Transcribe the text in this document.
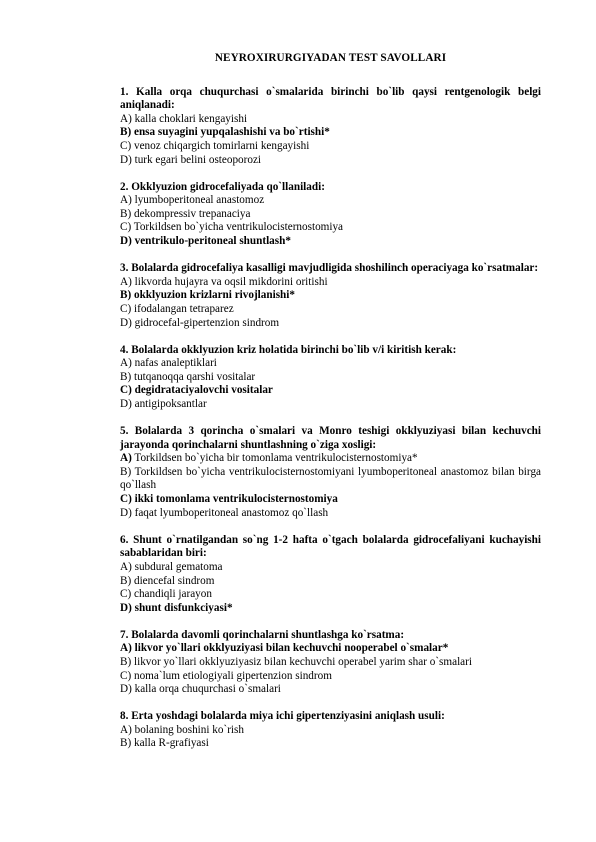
NEYROXIRURGIYADAN TEST SAVOLLARI

1. Kalla orqa chuqurchasi o`smalarida birinchi bo`lib qaysi rentgenologik belgi aniqlanadi:

A) kalla choklari kengayishi

B) ensa suyagini yupqalashishi va bo`rtishi*

C) venoz chiqargich tomirlarni kengayishi

D) turk egari belini osteoporozi

2. Okklyuzion gidrocefaliyada qo`llaniladi:

A) lyumboperitoneal anastomoz

B) dekompressiv trepanaciya

C) Torkildsen bo`yicha ventrikulocisternostomiya

D) ventrikulo-peritoneal shuntlash*

3. Bolalarda gidrocefaliya kasalligi mavjudligida shoshilinch operaciyaga ko`rsatmalar:

A) likvorda hujayra va oqsil mikdorini oritishi

B) okklyuzion krizlarni rivojlanishi*

C) ifodalangan tetraparez

D) gidrocefal-gipertenzion sindrom

4. Bolalarda okklyuzion kriz holatida birinchi bo`lib v/i kiritish kerak:

A) nafas analeptiklari

B) tutqanoqqa qarshi vositalar

C) degidrataciyalovchi vositalar

D) antigipoksantlar

5. Bolalarda 3 qorincha o`smalari va Monro teshigi okklyuziyasi bilan kechuvchi jarayonda qorinchalarni shuntlashning o`ziga xosligi:

A) Torkildsen bo`yicha bir tomonlama ventrikulocisternostomiya*

B) Torkildsen bo`yicha ventrikulocisternostomiyani lyumboperitoneal anastomoz bilan birga qo`llash

C) ikki tomonlama ventrikulocisternostomiya

D) faqat lyumboperitoneal anastomoz qo`llash

6. Shunt o`rnatilgandan so`ng 1-2 hafta o`tgach bolalarda gidrocefaliyani kuchayishi sabablaridan biri:

A) subdural gematoma

B) diencefal sindrom

C) chandiqli jarayon

D) shunt disfunkciyasi*

7. Bolalarda davomli qorinchalarni shuntlashga ko`rsatma:

A) likvor yo`llari okklyuziyasi bilan kechuvchi nooperabel o`smalar*

B) likvor yo`llari okklyuziyasiz bilan kechuvchi operabel yarim shar o`smalari

C) noma`lum etiologiyali gipertenzion sindrom

D) kalla orqa chuqurchasi o`smalari

8. Erta yoshdagi bolalarda miya ichi gipertenziyasini aniqlash usuli:

A) bolaning boshini ko`rish

B) kalla R-grafiyasi
